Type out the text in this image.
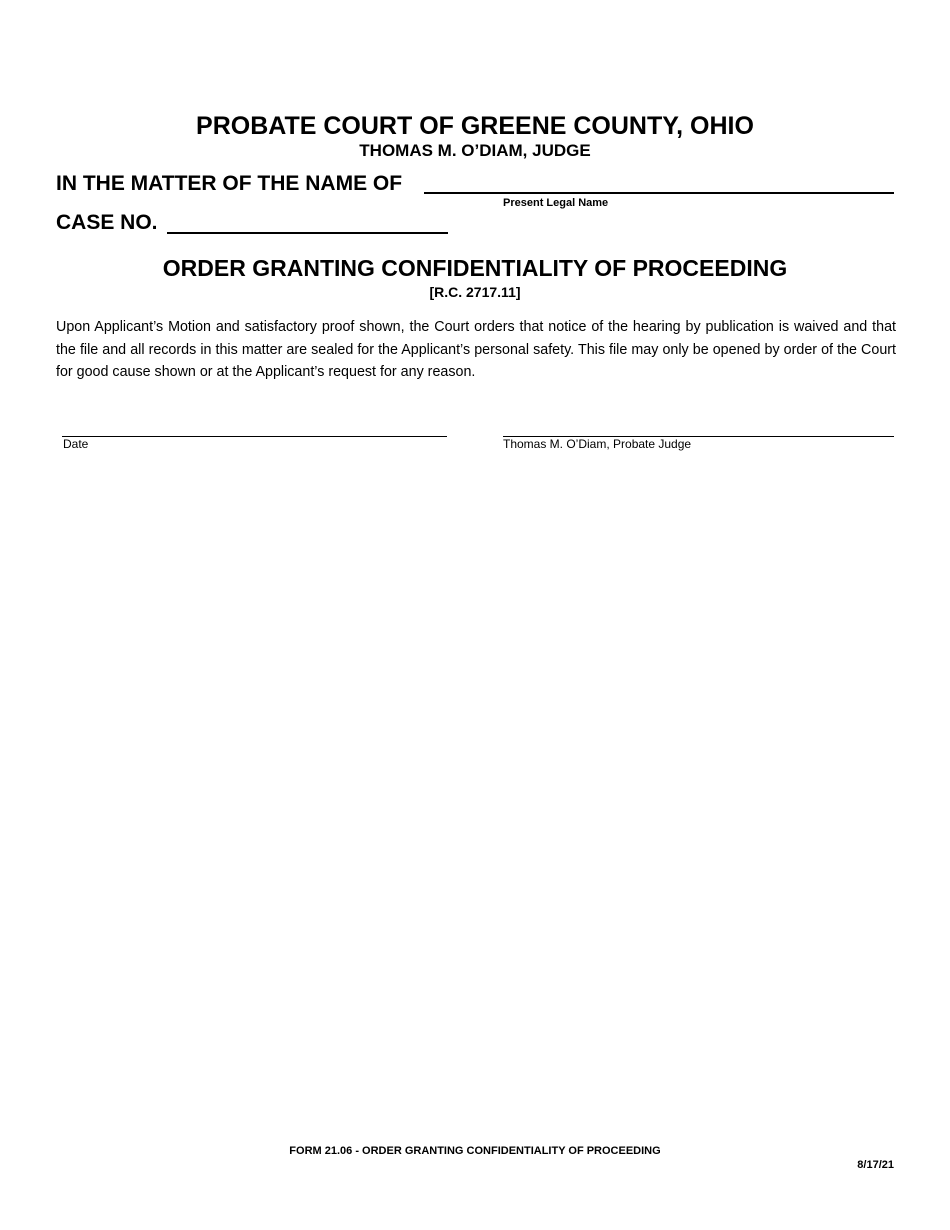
PROBATE COURT OF GREENE COUNTY, OHIO
THOMAS M. O’DIAM, JUDGE
IN THE MATTER OF THE NAME OF
Present Legal Name
CASE NO.
ORDER GRANTING CONFIDENTIALITY OF PROCEEDING
[R.C. 2717.11]
Upon Applicant’s Motion and satisfactory proof shown, the Court orders that notice of the hearing by publication is waived and that the file and all records in this matter are sealed for the Applicant’s personal safety. This file may only be opened by order of the Court for good cause shown or at the Applicant’s request for any reason.
Date	Thomas M. O’Diam, Probate Judge
FORM 21.06 - ORDER GRANTING CONFIDENTIALITY OF PROCEEDING
8/17/21
